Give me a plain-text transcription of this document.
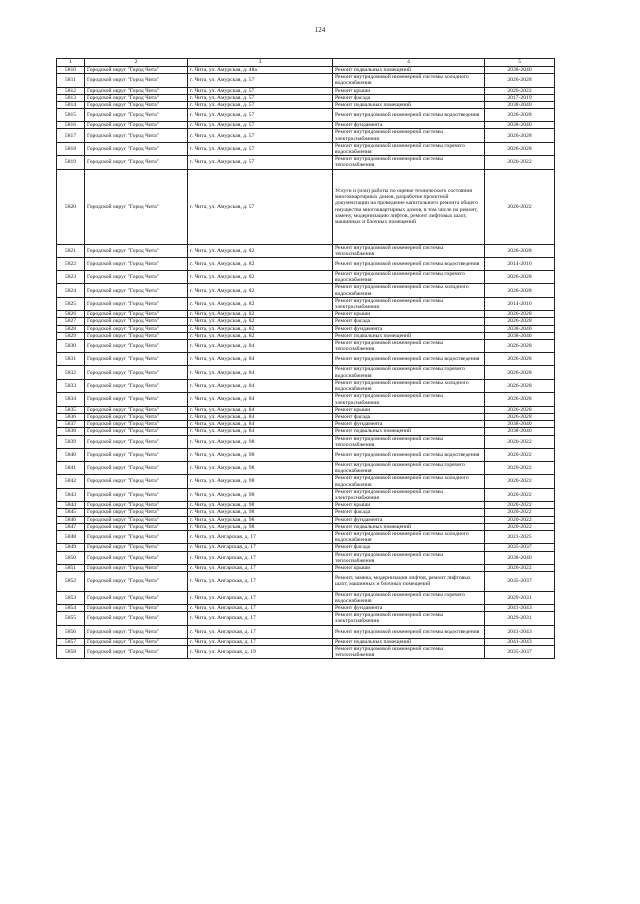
124
1	2	3	4	5
5810	Городской округ "Город Чита"	г. Чита, ул. Амурская, д. 48а	Ремонт подвальных помещений	2038-2040
5811	Городской округ "Город Чита"	г. Чита, ул. Амурская, д. 57	Ремонт внутридомовой инженерной системы холодного водоснабжения	2026-2028
5812	Городской округ "Город Чита"	г. Чита, ул. Амурская, д. 57	Ремонт крыши	2020-2022
5813	Городской округ "Город Чита"	г. Чита, ул. Амурская, д. 57	Ремонт фасада	2017-2019
5814	Городской округ "Город Чита"	г. Чита, ул. Амурская, д. 57	Ремонт подвальных помещений	2038-2040
5815	Городской округ "Город Чита"	г. Чита, ул. Амурская, д. 57	Ремонт внутридомовой инженерной системы водоотведения	2026-2028
5816	Городской округ "Город Чита"	г. Чита, ул. Амурская, д. 57	Ремонт фундамента	2038-2040
5817	Городской округ "Город Чита"	г. Чита, ул. Амурская, д. 57	Ремонт внутридомовой инженерной системы электроснабжения	2026-2028
5818	Городской округ "Город Чита"	г. Чита, ул. Амурская, д. 57	Ремонт внутридомовой инженерной системы горячего водоснабжения	2026-2028
5819	Городской округ "Город Чита"	г. Чита, ул. Амурская, д. 57	Ремонт внутридомовой инженерной системы теплоснабжения	2020-2022
5820	Городской округ "Город Чита"	г. Чита, ул. Амурская, д. 57	Услуги и (или) работы по оценке технического состояния многоквартирных домов, разработке проектной документации на проведение капитального ремонта общего имущества многоквартирных домов, в том числе на ремонт, замену, модернизацию лифтов, ремонт лифтовых шахт, машинных и блочных помещений	2020-2022
5821	Городской округ "Город Чита"	г. Чита, ул. Амурская, д. 82	Ремонт внутридомовой инженерной системы теплоснабжения	2026-2028
5822	Городской округ "Город Чита"	г. Чита, ул. Амурская, д. 82	Ремонт внутридомовой инженерной системы водоотведения	2014-2016
5823	Городской округ "Город Чита"	г. Чита, ул. Амурская, д. 82	Ремонт внутридомовой инженерной системы горячего водоснабжения	2026-2028
5824	Городской округ "Город Чита"	г. Чита, ул. Амурская, д. 82	Ремонт внутридомовой инженерной системы холодного водоснабжения	2026-2028
5825	Городской округ "Город Чита"	г. Чита, ул. Амурская, д. 82	Ремонт внутридомовой инженерной системы электроснабжения	2014-2016
5826	Городской округ "Город Чита"	г. Чита, ул. Амурская, д. 82	Ремонт крыши	2026-2028
5827	Городской округ "Город Чита"	г. Чита, ул. Амурская, д. 82	Ремонт фасада	2026-2028
5828	Городской округ "Город Чита"	г. Чита, ул. Амурская, д. 82	Ремонт фундамента	2038-2040
5829	Городской округ "Город Чита"	г. Чита, ул. Амурская, д. 82	Ремонт подвальных помещений	2038-2040
5830	Городской округ "Город Чита"	г. Чита, ул. Амурская, д. 84	Ремонт внутридомовой инженерной системы теплоснабжения	2026-2028
5831	Городской округ "Город Чита"	г. Чита, ул. Амурская, д. 84	Ремонт внутридомовой инженерной системы водоотведения	2026-2028
5832	Городской округ "Город Чита"	г. Чита, ул. Амурская, д. 84	Ремонт внутридомовой инженерной системы горячего водоснабжения	2026-2028
5833	Городской округ "Город Чита"	г. Чита, ул. Амурская, д. 84	Ремонт внутридомовой инженерной системы холодного водоснабжения	2026-2028
5834	Городской округ "Город Чита"	г. Чита, ул. Амурская, д. 84	Ремонт внутридомовой инженерной системы электроснабжения	2026-2028
5835	Городской округ "Город Чита"	г. Чита, ул. Амурская, д. 84	Ремонт крыши	2026-2028
5836	Городской округ "Город Чита"	г. Чита, ул. Амурская, д. 84	Ремонт фасада	2026-2028
5837	Городской округ "Город Чита"	г. Чита, ул. Амурская, д. 84	Ремонт фундамента	2038-2040
5838	Городской округ "Город Чита"	г. Чита, ул. Амурская, д. 84	Ремонт подвальных помещений	2038-2040
5839	Городской округ "Город Чита"	г. Чита, ул. Амурская, д. 98	Ремонт внутридомовой инженерной системы теплоснабжения	2020-2022
5840	Городской округ "Город Чита"	г. Чита, ул. Амурская, д. 98	Ремонт внутридомовой инженерной системы водоотведения	2020-2022
5841	Городской округ "Город Чита"	г. Чита, ул. Амурская, д. 98	Ремонт внутридомовой инженерной системы горячего водоснабжения	2020-2022
5842	Городской округ "Город Чита"	г. Чита, ул. Амурская, д. 98	Ремонт внутридомовой инженерной системы холодного водоснабжения	2020-2022
5843	Городской округ "Город Чита"	г. Чита, ул. Амурская, д. 98	Ремонт внутридомовой инженерной системы электроснабжения	2020-2022
5844	Городской округ "Город Чита"	г. Чита, ул. Амурская, д. 98	Ремонт крыши	2020-2022
5845	Городской округ "Город Чита"	г. Чита, ул. Амурская, д. 98	Ремонт фасада	2020-2022
5846	Городской округ "Город Чита"	г. Чита, ул. Амурская, д. 98	Ремонт фундамента	2020-2022
5847	Городской округ "Город Чита"	г. Чита, ул. Амурская, д. 98	Ремонт подвальных помещений	2020-2022
5848	Городской округ "Город Чита"	г. Чита, ул. Ангарская, д. 17	Ремонт внутридомовой инженерной системы холодного водоснабжения	2023-2025
5849	Городской округ "Город Чита"	г. Чита, ул. Ангарская, д. 17	Ремонт фасада	2035-2037
5850	Городской округ "Город Чита"	г. Чита, ул. Ангарская, д. 17	Ремонт внутридомовой инженерной системы теплоснабжения	2038-2040
5851	Городской округ "Город Чита"	г. Чита, ул. Ангарская, д. 17	Ремонт крыши	2020-2022
5852	Городской округ "Город Чита"	г. Чита, ул. Ангарская, д. 17	Ремонт, замена, модернизация лифтов, ремонт лифтовых шахт, машинных и блочных помещений	2035-2037
5853	Городской округ "Город Чита"	г. Чита, ул. Ангарская, д. 17	Ремонт внутридомовой инженерной системы горячего водоснабжения	2029-2031
5854	Городской округ "Город Чита"	г. Чита, ул. Ангарская, д. 17	Ремонт фундамента	2041-2043
5855	Городской округ "Город Чита"	г. Чита, ул. Ангарская, д. 17	Ремонт внутридомовой инженерной системы электроснабжения	2029-2031
5856	Городской округ "Город Чита"	г. Чита, ул. Ангарская, д. 17	Ремонт внутридомовой инженерной системы водоотведения	2041-2043
5857	Городской округ "Город Чита"	г. Чита, ул. Ангарская, д. 17	Ремонт подвальных помещений	2041-2043
5858	Городской округ "Город Чита"	г. Чита, ул. Ангарская, д. 19	Ремонт внутридомовой инженерной системы теплоснабжения	2035-2037
